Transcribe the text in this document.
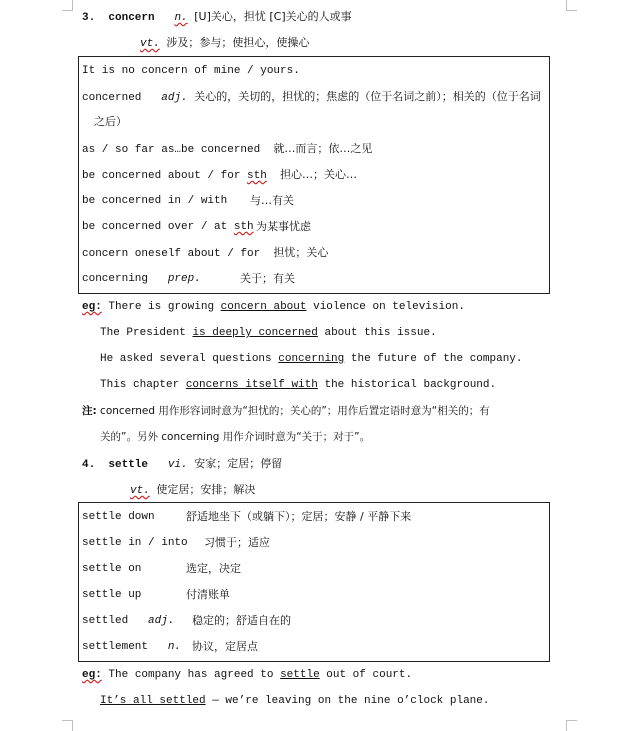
3. concern n. [U]关心，担忧 [C]关心的人或事
vt. 涉及；参与；使担心，使操心
It is no concern of mine / yours.
concerned adj. 关心的，关切的，担忧的；焦虑的（位于名词之前）；相关的（位于名词
之后）
as / so far as…be concerned 就…而言；依…之见
be concerned about / for sth 担心…；关心…
be concerned in / with 与…有关
be concerned over / at sth 为某事忧虑
concern oneself about / for 担忧；关心
concerning prep.	关于；有关
eg: There is growing concern about violence on television.
The President is deeply concerned about this issue.
He asked several questions concerning the future of the company.
This chapter concerns itself with the historical background.
注: concerned 用作形容词时意为“担忧的；关心的”；用作后置定语时意为“相关的；有
关的”。另外 concerning 用作介词时意为“关于；对于”。
4. settle vi. 安家；定居；停留
vt. 使定居；安排；解决
settle down	舒适地坐下（或躺下）；定居；安静 / 平静下来
settle in / into 习惯于；适应
settle on	选定，决定
settle up	付清账单
settled adj. 稳定的；舒适自在的
settlement n. 协议，定居点
eg: The company has agreed to settle out of court.
It’s all settled — we’re leaving on the nine o’clock plane.
